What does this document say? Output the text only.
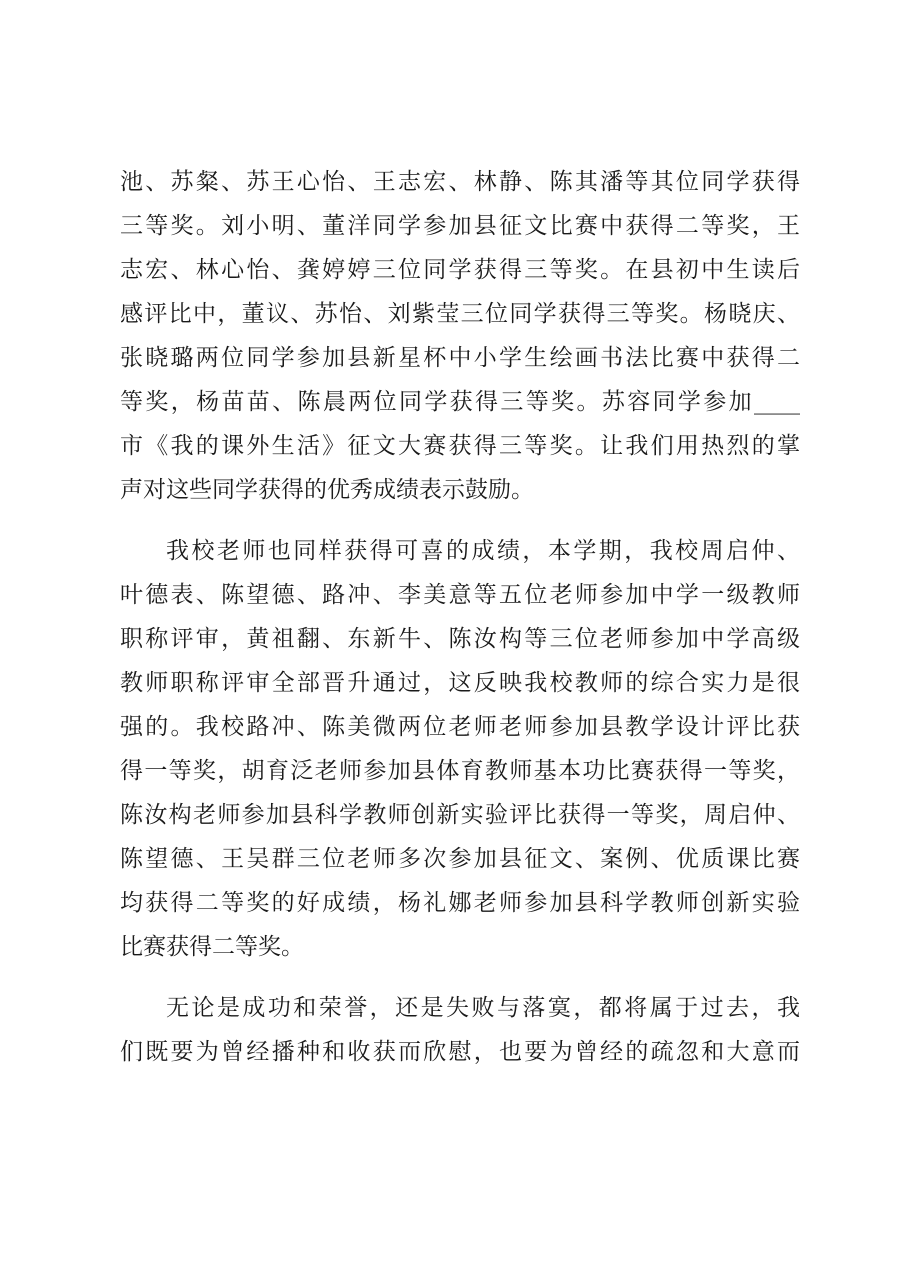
池、苏粲、苏王心怡、王志宏、林静、陈其潘等其位同学获得
三等奖。刘小明、董洋同学参加县征文比赛中获得二等奖，王
志宏、林心怡、龚婷婷三位同学获得三等奖。在县初中生读后
感评比中，董议、苏怡、刘紫莹三位同学获得三等奖。杨晓庆、
张晓璐两位同学参加县新星杯中小学生绘画书法比赛中获得二
等奖，杨苗苗、陈晨两位同学获得三等奖。苏容同学参加____
市《我的课外生活》征文大赛获得三等奖。让我们用热烈的掌
声对这些同学获得的优秀成绩表示鼓励。
我校老师也同样获得可喜的成绩，本学期，我校周启仲、
叶德表、陈望德、路冲、李美意等五位老师参加中学一级教师
职称评审，黄祖翻、东新牛、陈汝构等三位老师参加中学高级
教师职称评审全部晋升通过，这反映我校教师的综合实力是很
强的。我校路冲、陈美微两位老师老师参加县教学设计评比获
得一等奖，胡育泛老师参加县体育教师基本功比赛获得一等奖，
陈汝构老师参加县科学教师创新实验评比获得一等奖，周启仲、
陈望德、王吴群三位老师多次参加县征文、案例、优质课比赛
均获得二等奖的好成绩，杨礼娜老师参加县科学教师创新实验
比赛获得二等奖。
无论是成功和荣誉，还是失败与落寞，都将属于过去，我
们既要为曾经播种和收获而欣慰，也要为曾经的疏忽和大意而
